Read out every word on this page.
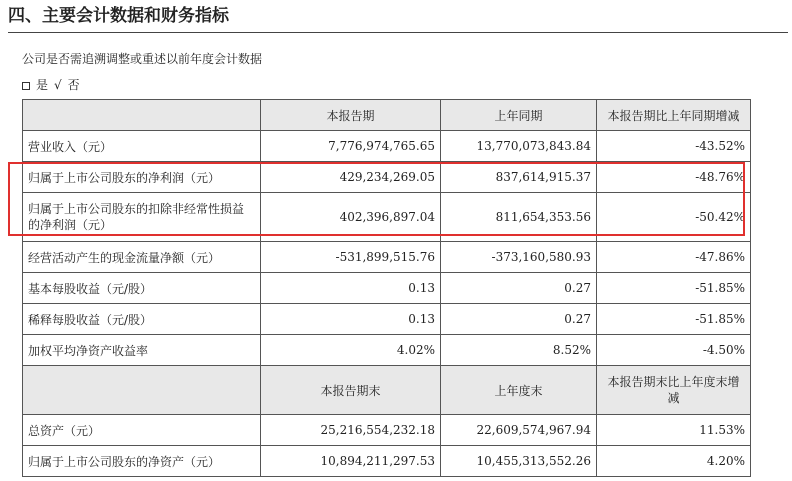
四、主要会计数据和财务指标
公司是否需追溯调整或重述以前年度会计数据
是 √ 否
	本报告期	上年同期	本报告期比上年同期增减
营业收入（元）	7,776,974,765.65	13,770,073,843.84	-43.52%
归属于上市公司股东的净利润（元）	429,234,269.05	837,614,915.37	-48.76%
归属于上市公司股东的扣除非经常性损益的净利润（元）	402,396,897.04	811,654,353.56	-50.42%
经营活动产生的现金流量净额（元）	-531,899,515.76	-373,160,580.93	-47.86%
基本每股收益（元/股）	0.13	0.27	-51.85%
稀释每股收益（元/股）	0.13	0.27	-51.85%
加权平均净资产收益率	4.02%	8.52%	-4.50%
	本报告期末	上年度末	本报告期末比上年度末增减
总资产（元）	25,216,554,232.18	22,609,574,967.94	11.53%
归属于上市公司股东的净资产（元）	10,894,211,297.53	10,455,313,552.26	4.20%
